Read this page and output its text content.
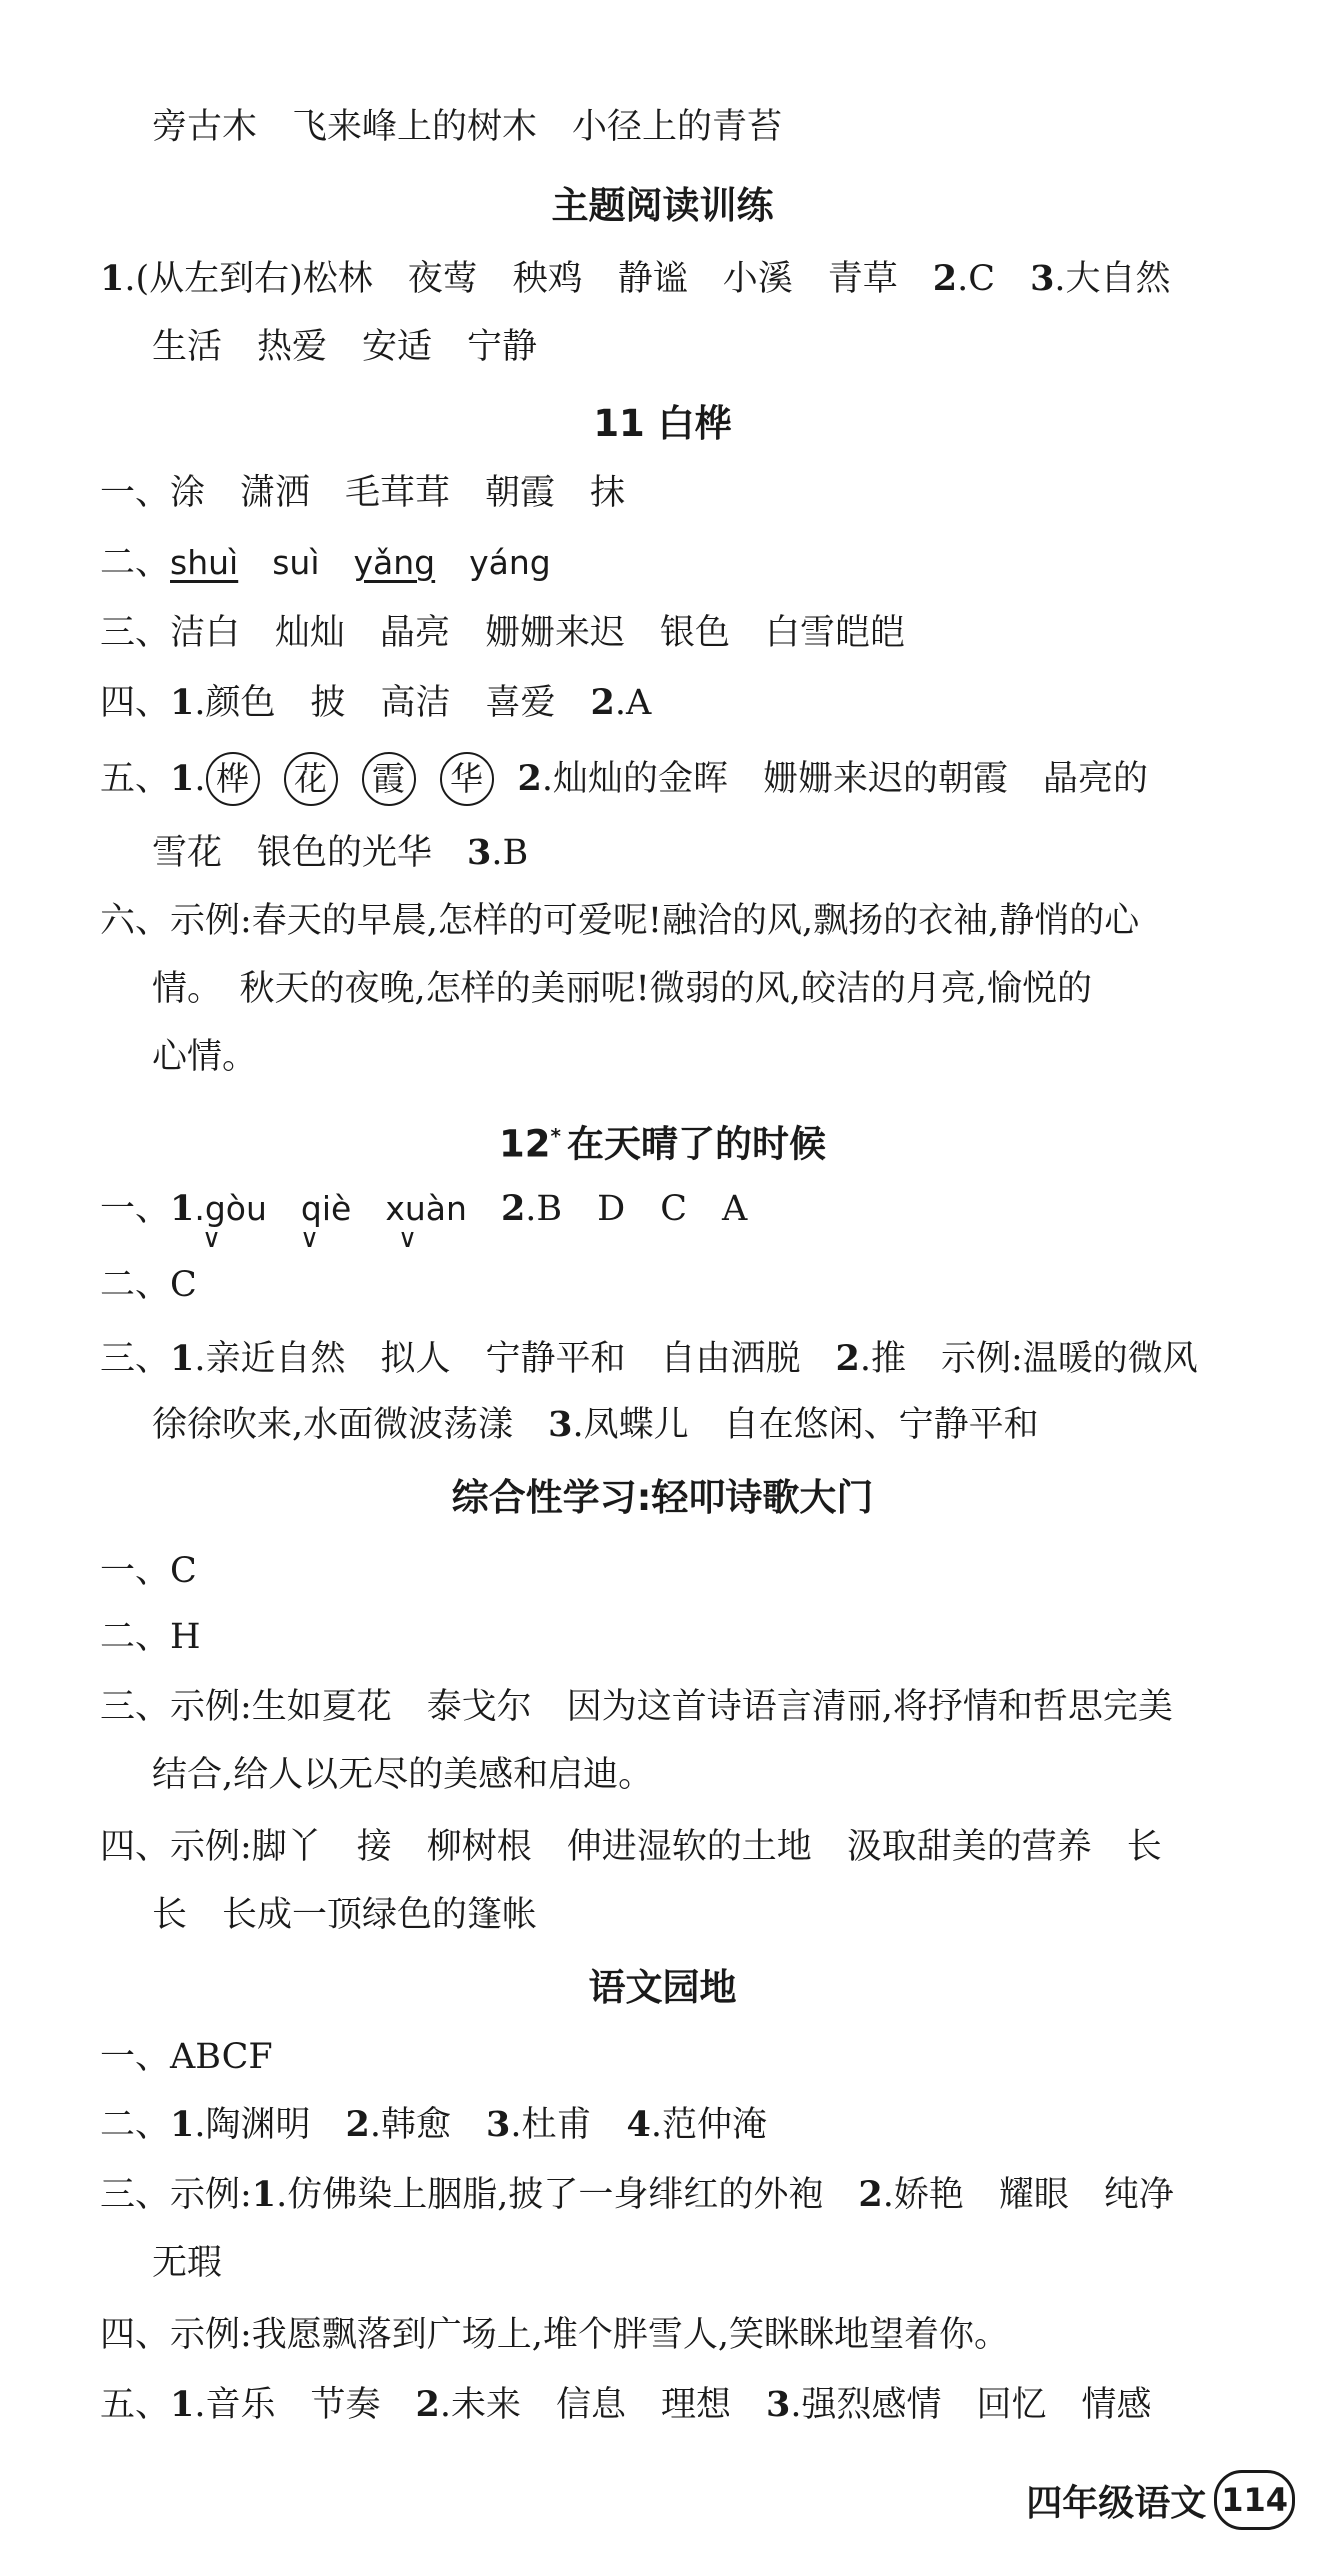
旁古木　飞来峰上的树木　小径上的青苔
主题阅读训练
1.(从左到右)松林　夜莺　秧鸡　静谧　小溪　青草　2.C　3.大自然
生活　热爱　安适　宁静
11 白桦
一、涂　潇洒　毛茸茸　朝霞　抹
二、shuì suì yǎng yáng
三、洁白　灿灿　晶亮　姗姗来迟　银色　白雪皑皑
四、1.颜色　披　高洁　喜爱　2.A
五、1. 桦 花 霞 华 2.灿灿的金晖　姗姗来迟的朝霞　晶亮的
雪花　银色的光华　3.B
六、示例:春天的早晨,怎样的可爱呢!融洽的风,飘扬的衣袖,静悄的心
情。　秋天的夜晚,怎样的美丽呢!微弱的风,皎洁的月亮,愉悦的
心情。
12* 在天晴了的时候
一、1.gòu qiè xuàn 2.B　D　C　A
∨	∨	∨
二、C
三、1.亲近自然　拟人　宁静平和　自由洒脱　2.推　示例:温暖的微风
徐徐吹来,水面微波荡漾　3.凤蝶儿　自在悠闲、宁静平和
综合性学习:轻叩诗歌大门
一、C
二、H
三、示例:生如夏花　泰戈尔　因为这首诗语言清丽,将抒情和哲思完美
结合,给人以无尽的美感和启迪。
四、示例:脚丫　接　柳树根　伸进湿软的土地　汲取甜美的营养　长
长　长成一顶绿色的篷帐
语文园地
一、ABCF
二、1.陶渊明　2.韩愈　3.杜甫　4.范仲淹
三、示例:1.仿佛染上胭脂,披了一身绯红的外袍　2.娇艳　耀眼　纯净
无瑕
四、示例:我愿飘落到广场上,堆个胖雪人,笑眯眯地望着你。
五、1.音乐　节奏　2.未来　信息　理想　3.强烈感情　回忆　情感
四年级语文 114
